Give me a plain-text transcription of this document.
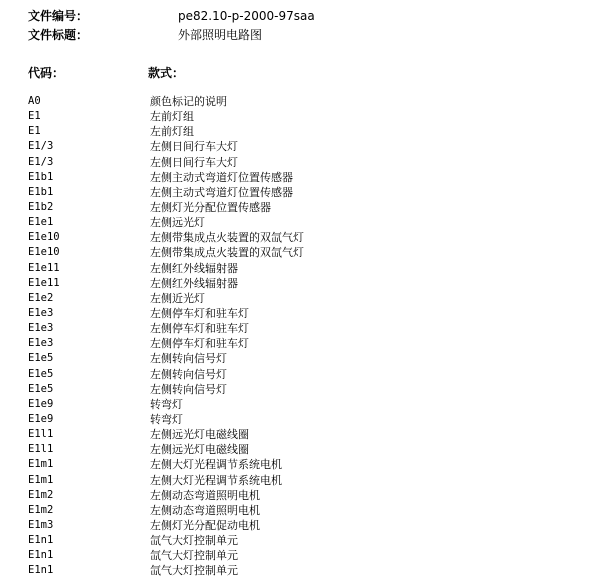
文件编号：	pe82.10-p-2000-97saa
文件标题：	外部照明电路图
代码：	款式：
A0	颜色标记的说明
E1	左前灯组
E1	左前灯组
E1/3	左侧日间行车大灯
E1/3	左侧日间行车大灯
E1b1	左侧主动式弯道灯位置传感器
E1b1	左侧主动式弯道灯位置传感器
E1b2	左侧灯光分配位置传感器
E1e1	左侧远光灯
E1e10	左侧带集成点火装置的双氙气灯
E1e10	左侧带集成点火装置的双氙气灯
E1e11	左侧红外线辐射器
E1e11	左侧红外线辐射器
E1e2	左侧近光灯
E1e3	左侧停车灯和驻车灯
E1e3	左侧停车灯和驻车灯
E1e3	左侧停车灯和驻车灯
E1e5	左侧转向信号灯
E1e5	左侧转向信号灯
E1e5	左侧转向信号灯
E1e9	转弯灯
E1e9	转弯灯
E1l1	左侧远光灯电磁线圈
E1l1	左侧远光灯电磁线圈
E1m1	左侧大灯光程调节系统电机
E1m1	左侧大灯光程调节系统电机
E1m2	左侧动态弯道照明电机
E1m2	左侧动态弯道照明电机
E1m3	左侧灯光分配促动电机
E1n1	氙气大灯控制单元
E1n1	氙气大灯控制单元
E1n1	氙气大灯控制单元
